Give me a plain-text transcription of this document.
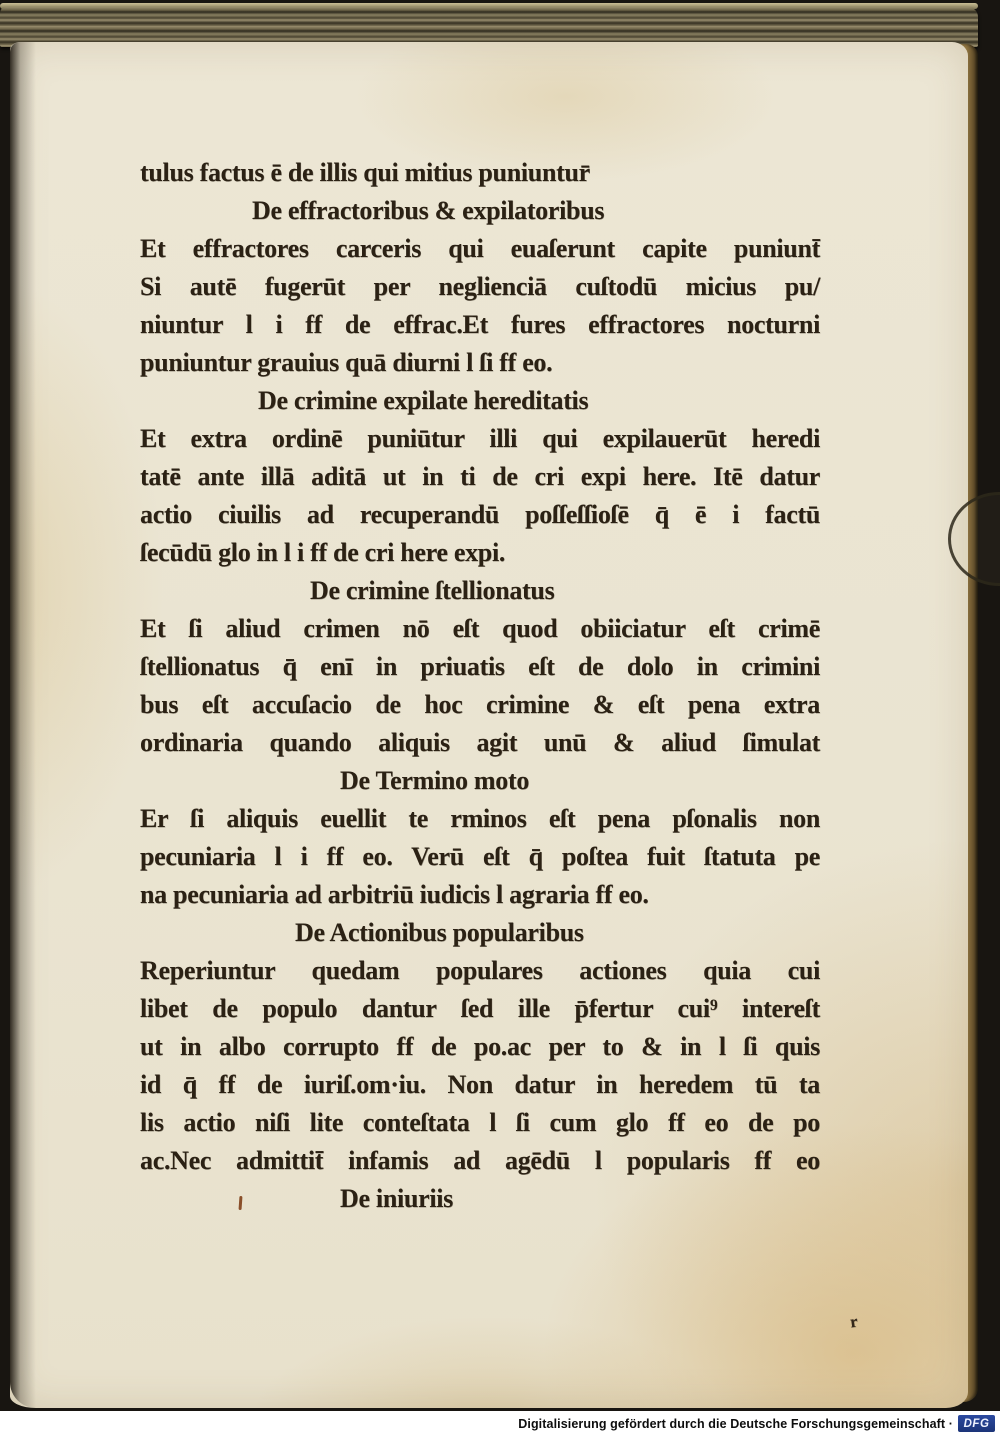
tulus factus ē de illis qui mitius puniuntur̄
De effractoribus & expilatoribus
Et effractores carceris qui euaſerunt capite puniunt̄
Si autē fugerūt per neglienciā cuſtodū micius pu/
niuntur l i ff de effrac.Et fures effractores nocturni
puniuntur grauius quā diurni l ſi ff eo.
De crimine expilate hereditatis
Et extra ordinē puniūtur illi qui expilauerūt heredi
tatē ante illā aditā ut in ti de cri expi here. Itē datur
actio ciuilis ad recuperandū poſſeſſioſē q̄ ē i factū
ſecūdū glo in l i ff de cri here expi.
De crimine ſtellionatus
Et ſi aliud crimen nō eſt quod obiiciatur eſt crimē
ſtellionatus q̄ enī in priuatis eſt de dolo in crimini
bus eſt accuſacio de hoc crimine & eſt pena extra
ordinaria quando aliquis agit unū & aliud ſimulat
De Termino moto
Er ſi aliquis euellit te rminos eſt pena pſonalis non
pecuniaria l i ff eo. Verū eſt q̄ poſtea fuit ſtatuta pe
na pecuniaria ad arbitriū iudicis l agraria ff eo.
De Actionibus popularibus
Reperiuntur quedam populares actiones quia cui
libet de populo dantur ſed ille p̄fertur cui⁹ intereſt
ut in albo corrupto ff de po.ac per to & in l ſi quis
id q̄ ff de iuriſ.om·iu. Non datur in heredem tū ta
lis actio niſi lite conteſtata l ſi cum glo ff eo de po
ac.Nec admittit̄ infamis ad agēdū l popularis ff eo
De iniuriis
r
Digitalisierung gefördert durch die Deutsche Forschungsgemeinschaft · DFG
